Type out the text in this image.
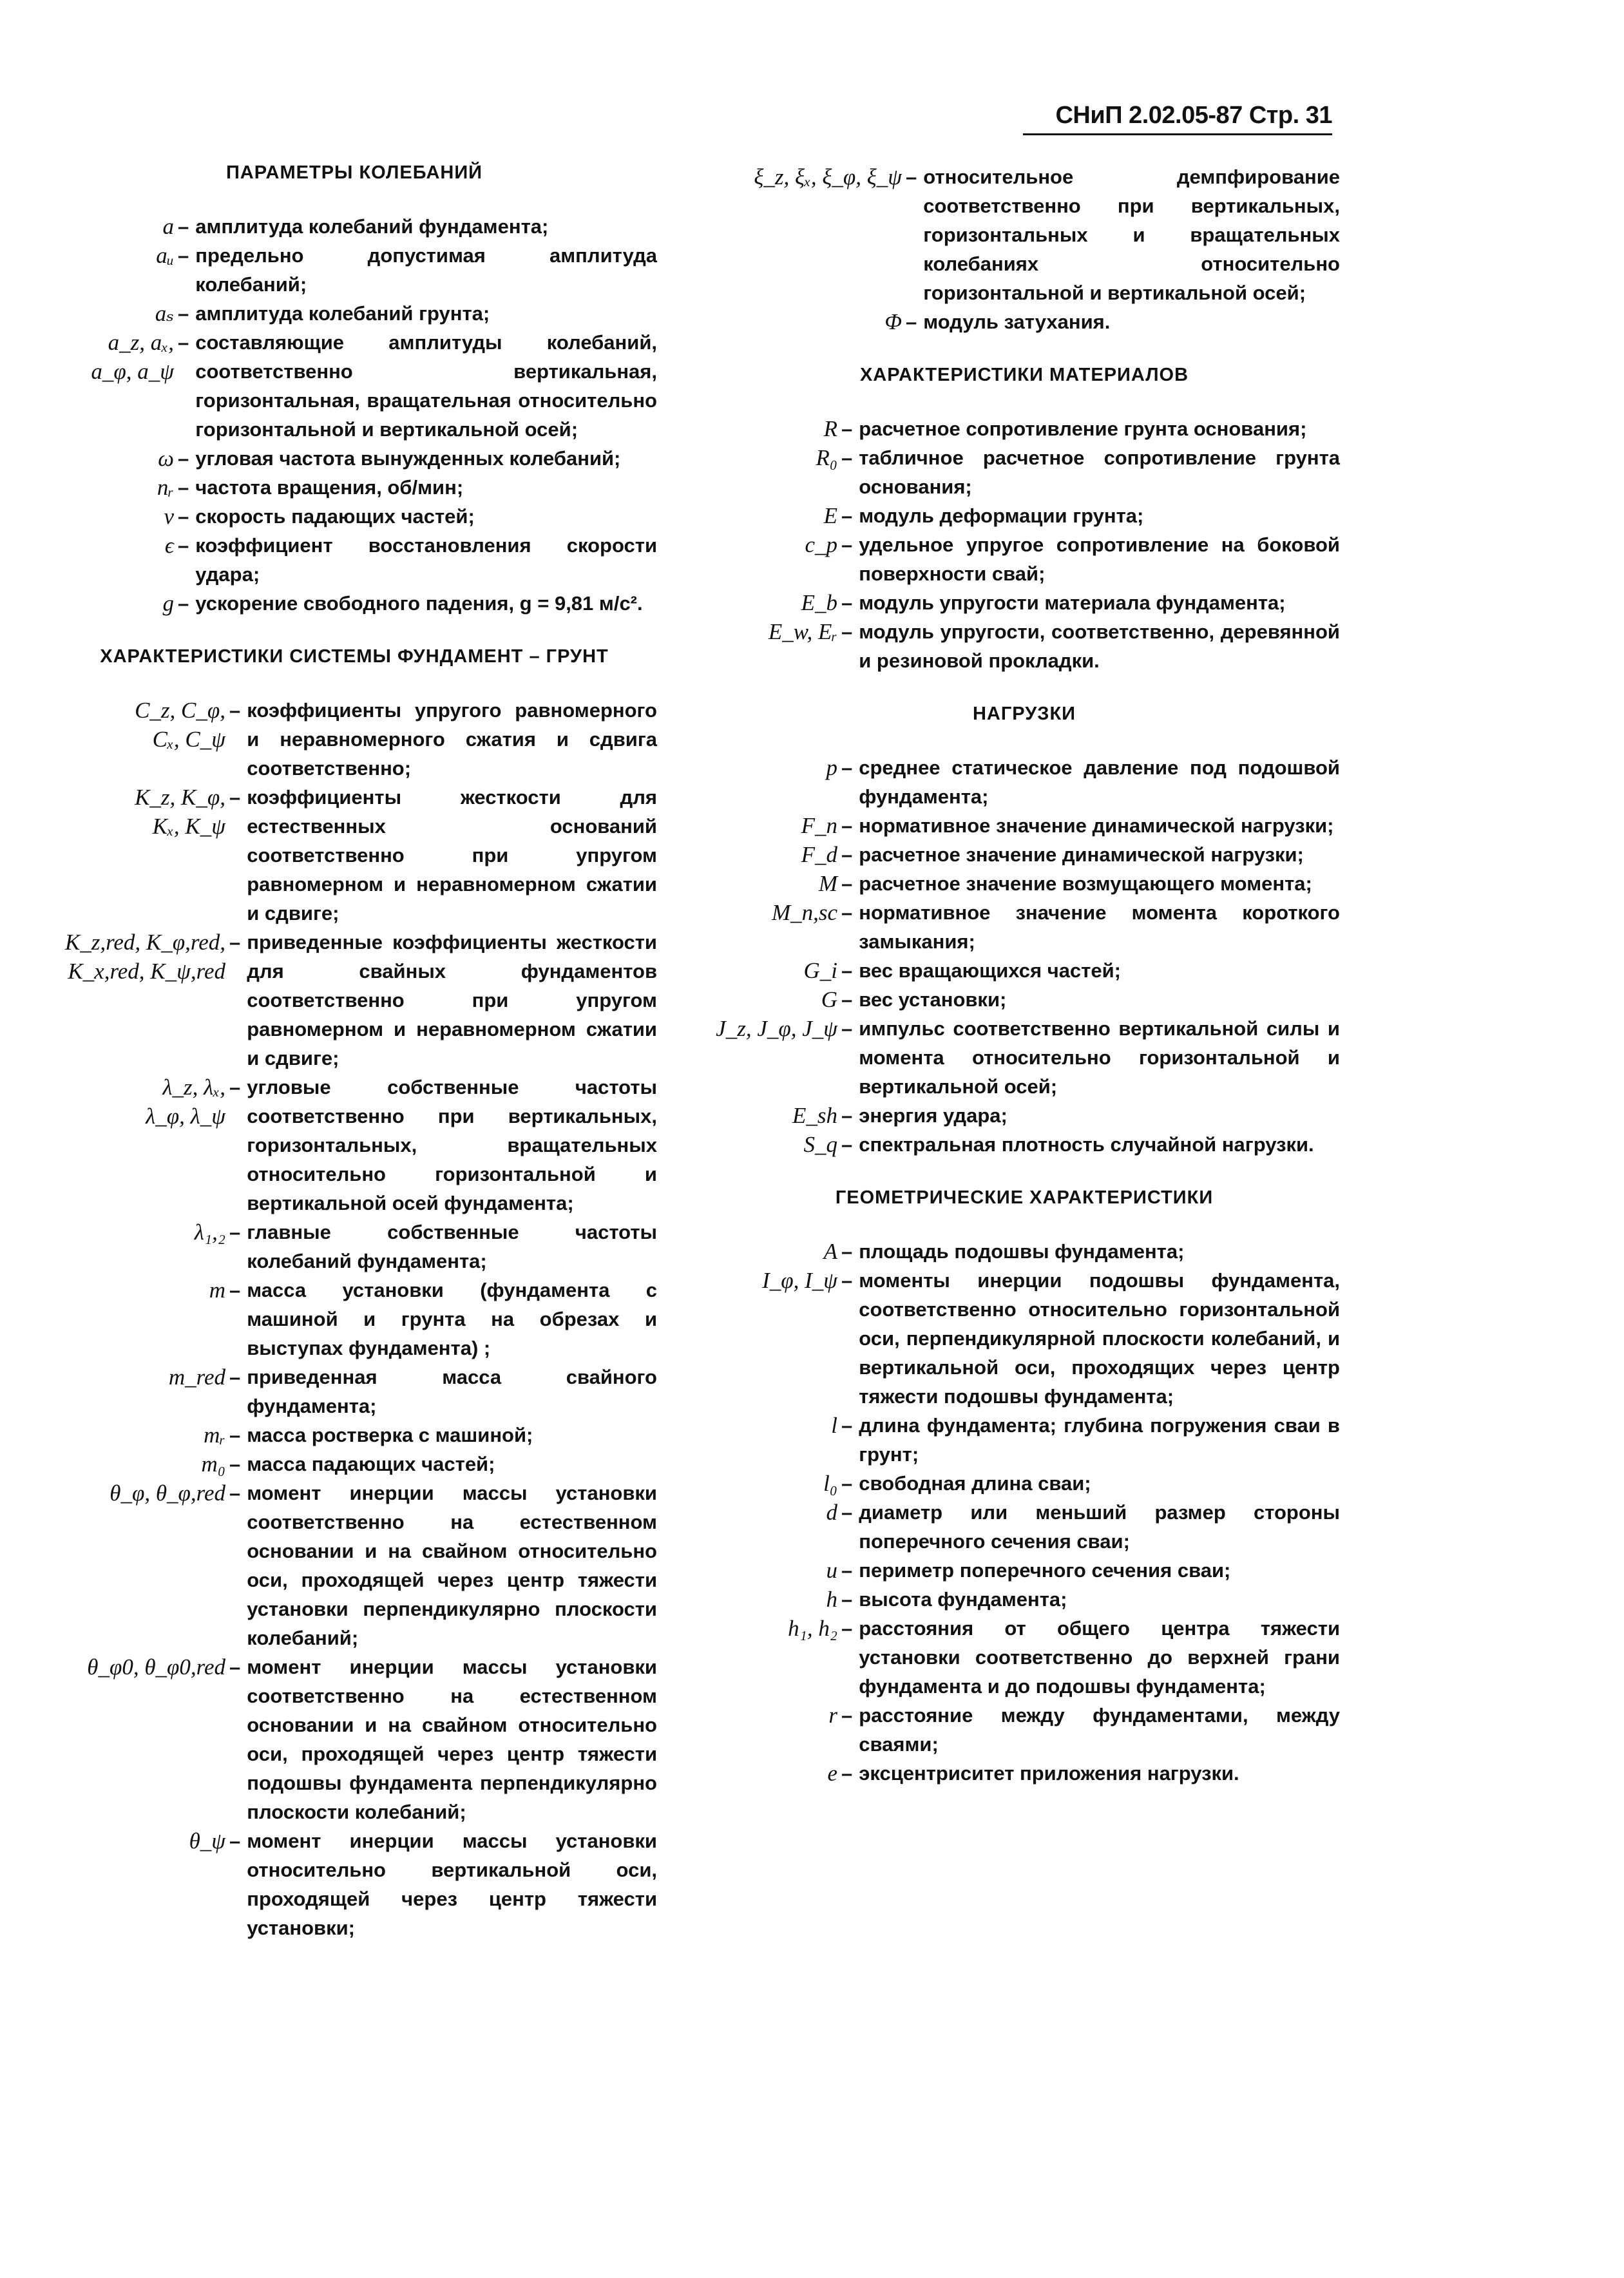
СНиП 2.02.05-87 Стр. 31
ПАРАМЕТРЫ КОЛЕБАНИЙ
a – амплитуда колебаний фундамента;
aᵤ – предельно допустимая амплитуда колебаний;
aₛ – амплитуда колебаний грунта;
a_z, aₓ,
a_φ, a_ψ
– составляющие амплитуды колебаний, соответственно вертикальная, горизонтальная, вращательная относительно горизонтальной и вертикальной осей;
ω – угловая частота вынужденных колебаний;
nᵣ – частота вращения, об/мин;
v – скорость падающих частей;
ϵ – коэффициент восстановления скорости удара;
g – ускорение свободного падения, g = 9,81 м/с².
ХАРАКТЕРИСТИКИ СИСТЕМЫ ФУНДАМЕНТ – ГРУНТ
C_z, C_φ,
Cₓ, C_ψ
– коэффициенты упругого равномерного и неравномерного сжатия и сдвига соответственно;
K_z, K_φ,
Kₓ, K_ψ
– коэффициенты жесткости для естественных оснований соответственно при упругом равномерном и неравномерном сжатии и сдвиге;
K_z,red, K_φ,red,
K_x,red, K_ψ,red
– приведенные коэффициенты жесткости для свайных фундаментов соответственно при упругом равномерном и неравномерном сжатии и сдвиге;
λ_z, λₓ,
λ_φ, λ_ψ
– угловые собственные частоты соответственно при вертикальных, горизонтальных, вращательных относительно горизонтальной и вертикальной осей фундамента;
λ₁,₂ – главные собственные частоты колебаний фундамента;
m – масса установки (фундамента с машиной и грунта на обрезах и выступах фундамента) ;
m_red – приведенная масса свайного фундамента;
mᵣ – масса ростверка с машиной;
m₀ – масса падающих частей;
θ_φ, θ_φ,red – момент инерции массы установки соответственно на естественном основании и на свайном относительно оси, проходящей через центр тяжести установки перпендикулярно плоскости колебаний;
θ_φ0, θ_φ0,red – момент инерции массы установки соответственно на естественном основании и на свайном относительно оси, проходящей через центр тяжести подошвы фундамента перпендикулярно плоскости колебаний;
θ_ψ – момент инерции массы установки относительно вертикальной оси, проходящей через центр тяжести установки;
ξ_z, ξₓ, ξ_φ, ξ_ψ – относительное демпфирование соответственно при вертикальных, горизонтальных и вращательных колебаниях относительно горизонтальной и вертикальной осей;
Φ – модуль затухания.
ХАРАКТЕРИСТИКИ МАТЕРИАЛОВ
R – расчетное сопротивление грунта основания;
R₀ – табличное расчетное сопротивление грунта основания;
E – модуль деформации грунта;
c_p – удельное упругое сопротивление на боковой поверхности свай;
E_b – модуль упругости материала фундамента;
E_w, Eᵣ – модуль упругости, соответственно, деревянной и резиновой прокладки.
НАГРУЗКИ
p – среднее статическое давление под подошвой фундамента;
F_n – нормативное значение динамической нагрузки;
F_d – расчетное значение динамической нагрузки;
M – расчетное значение возмущающего момента;
M_n,sc – нормативное значение момента короткого замыкания;
G_i – вес вращающихся частей;
G – вес установки;
J_z, J_φ, J_ψ – импульс соответственно вертикальной силы и момента относительно горизонтальной и вертикальной осей;
E_sh – энергия удара;
S_q – спектральная плотность случайной нагрузки.
ГЕОМЕТРИЧЕСКИЕ ХАРАКТЕРИСТИКИ
A – площадь подошвы фундамента;
I_φ, I_ψ – моменты инерции подошвы фундамента, соответственно относительно горизонтальной оси, перпендикулярной плоскости колебаний, и вертикальной оси, проходящих через центр тяжести подошвы фундамента;
l – длина фундамента; глубина погружения сваи в грунт;
l₀ – свободная длина сваи;
d – диаметр или меньший размер стороны поперечного сечения сваи;
u – периметр поперечного сечения сваи;
h – высота фундамента;
h₁, h₂ – расстояния от общего центра тяжести установки соответственно до верхней грани фундамента и до подошвы фундамента;
r – расстояние между фундаментами, между сваями;
e – эксцентриситет приложения нагрузки.
